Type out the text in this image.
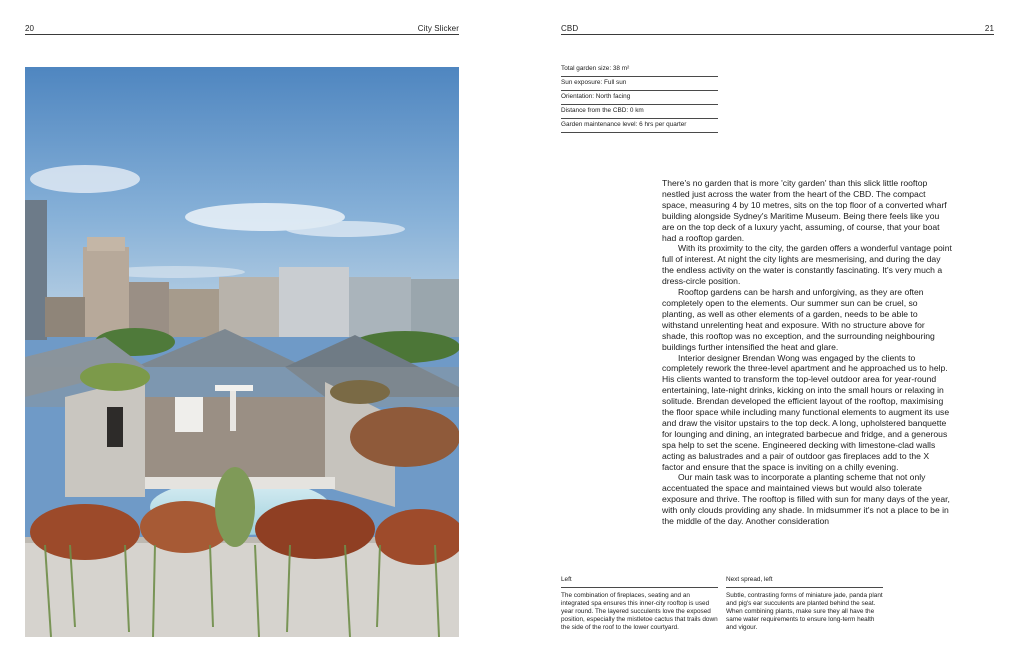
20	City Slicker	CBD	21
Total garden size: 38 m²
Sun exposure: Full sun
Orientation: North facing
Distance from the CBD: 0 km
Garden maintenance level: 6 hrs per quarter

There's no garden that is more 'city garden' than this slick little rooftop nestled just across the water from the heart of the CBD. The compact space, measuring 4 by 10 metres, sits on the top floor of a converted wharf building alongside Sydney's Maritime Museum. Being there feels like you are on the top deck of a luxury yacht, assuming, of course, that your boat had a rooftop garden.

With its proximity to the city, the garden offers a wonderful vantage point full of interest. At night the city lights are mesmerising, and during the day the endless activity on the water is constantly fascinating. It's very much a dress-circle position.

Rooftop gardens can be harsh and unforgiving, as they are often completely open to the elements. Our summer sun can be cruel, so planting, as well as other elements of a garden, needs to be able to withstand unrelenting heat and exposure. With no structure above for shade, this rooftop was no exception, and the surrounding neighbouring buildings further intensified the heat and glare.

Interior designer Brendan Wong was engaged by the clients to completely rework the three-level apartment and he approached us to help. His clients wanted to transform the top-level outdoor area for year-round entertaining, late-night drinks, kicking on into the small hours or relaxing in solitude. Brendan developed the efficient layout of the rooftop, maximising the floor space while including many functional elements to augment its use and draw the visitor upstairs to the top deck. A long, upholstered banquette for lounging and dining, an integrated barbecue and fridge, and a generous spa help to set the scene. Engineered decking with limestone-clad walls acting as balustrades and a pair of outdoor gas fireplaces add to the X factor and ensure that the space is inviting on a chilly evening.

Our main task was to incorporate a planting scheme that not only accentuated the space and maintained views but would also tolerate exposure and thrive. The rooftop is filled with sun for many days of the year, with only clouds providing any shade. In midsummer it's not a place to be in the middle of the day. Another consideration

Left
The combination of fireplaces, seating and an integrated spa ensures this inner-city rooftop is used year round. The layered succulents love the exposed position, especially the mistletoe cactus that trails down the side of the roof to the lower courtyard.
Next spread, left
Subtle, contrasting forms of miniature jade, panda plant and pig's ear succulents are planted behind the seat. When combining plants, make sure they all have the same water requirements to ensure long-term health and vigour.
